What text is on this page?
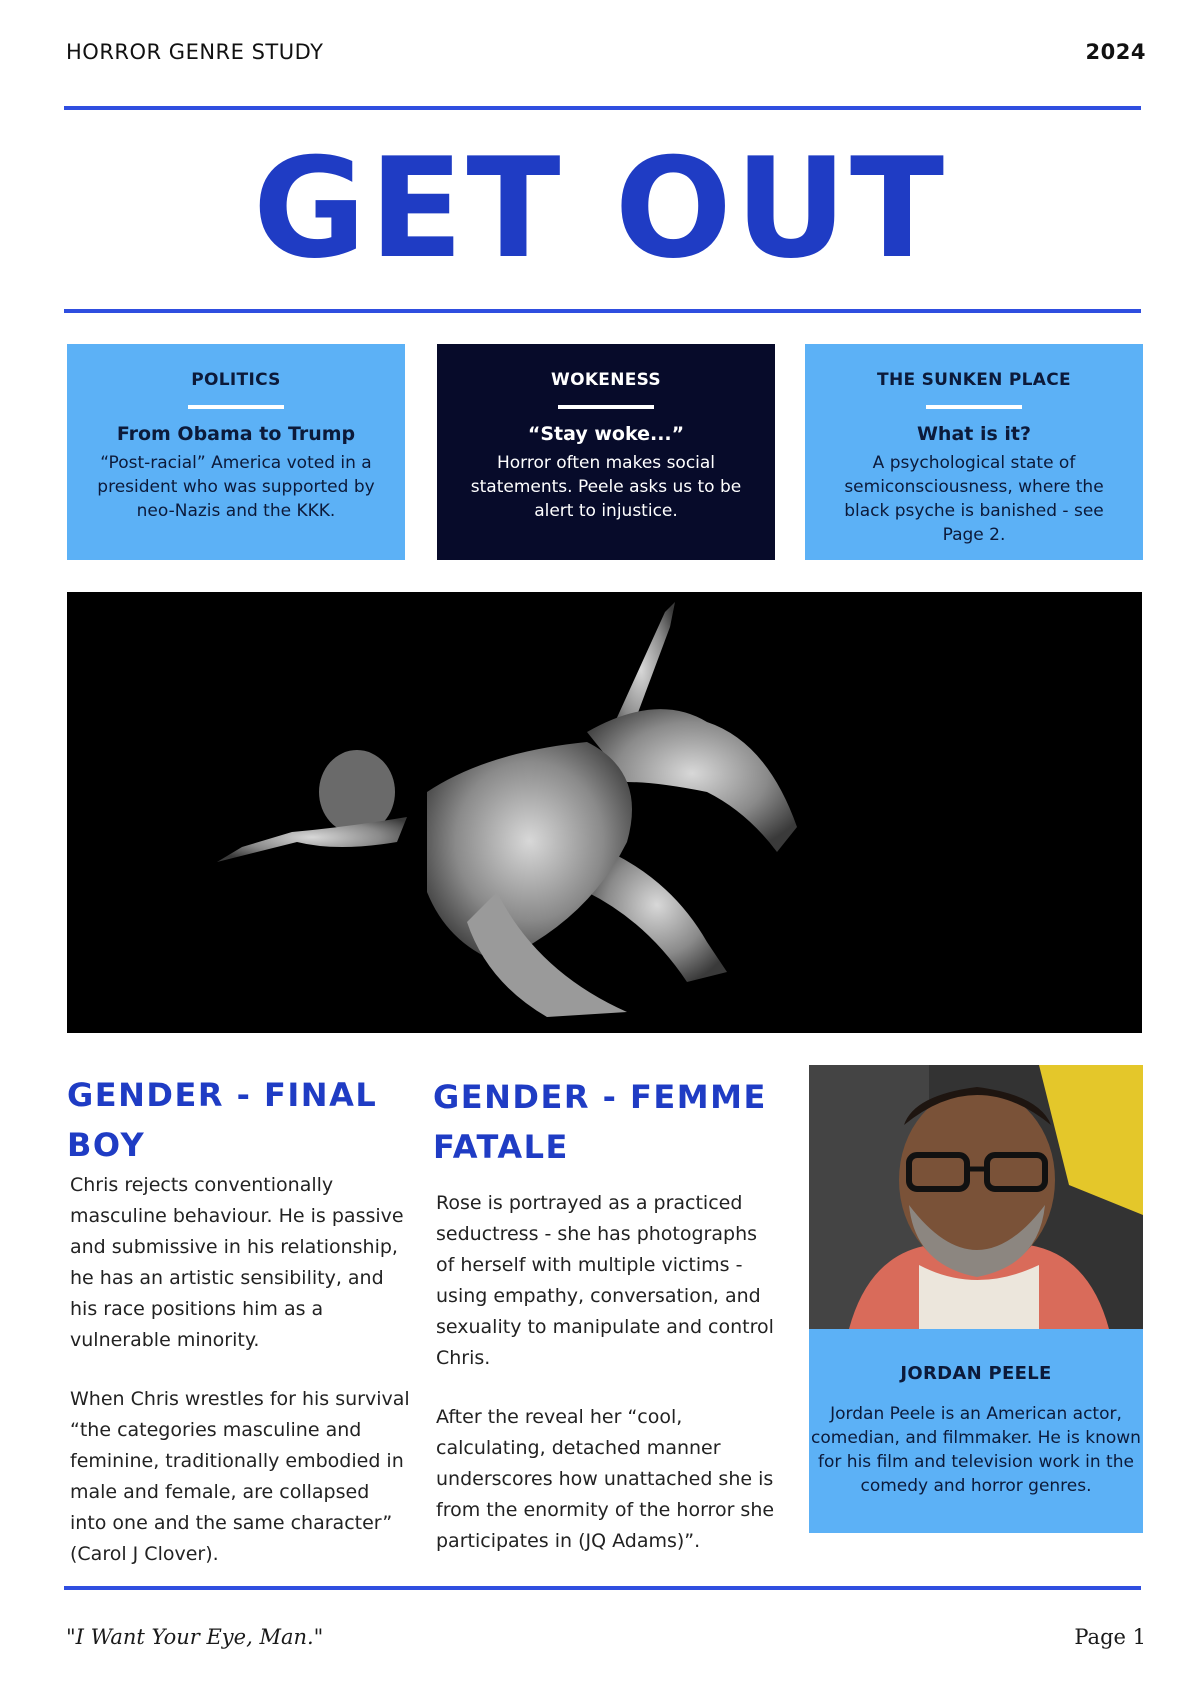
HORROR GENRE STUDY	2024
GET OUT
POLITICS
From Obama to Trump
“Post-racial” America voted in a president who was supported by neo-Nazis and the KKK.
WOKENESS
“Stay woke...”
Horror often makes social statements. Peele asks us to be alert to injustice.
THE SUNKEN PLACE
What is it?
A psychological state of semiconsciousness, where the black psyche is banished - see Page 2.
GENDER - FINAL BOY

Chris rejects conventionally masculine behaviour. He is passive and submissive in his relationship, he has an artistic sensibility, and his race positions him as a vulnerable minority.

When Chris wrestles for his survival “the categories masculine and feminine, traditionally embodied in male and female, are collapsed into one and the same character” (Carol J Clover).

GENDER - FEMME FATALE

Rose is portrayed as a practiced seductress - she has photographs of herself with multiple victims - using empathy, conversation, and sexuality to manipulate and control Chris.

After the reveal her “cool, calculating, detached manner underscores how unattached she is from the enormity of the horror she participates in (JQ Adams)”.

JORDAN PEELE
Jordan Peele is an American actor, comedian, and filmmaker. He is known for his film and television work in the comedy and horror genres.
"I Want Your Eye, Man."	Page 1
